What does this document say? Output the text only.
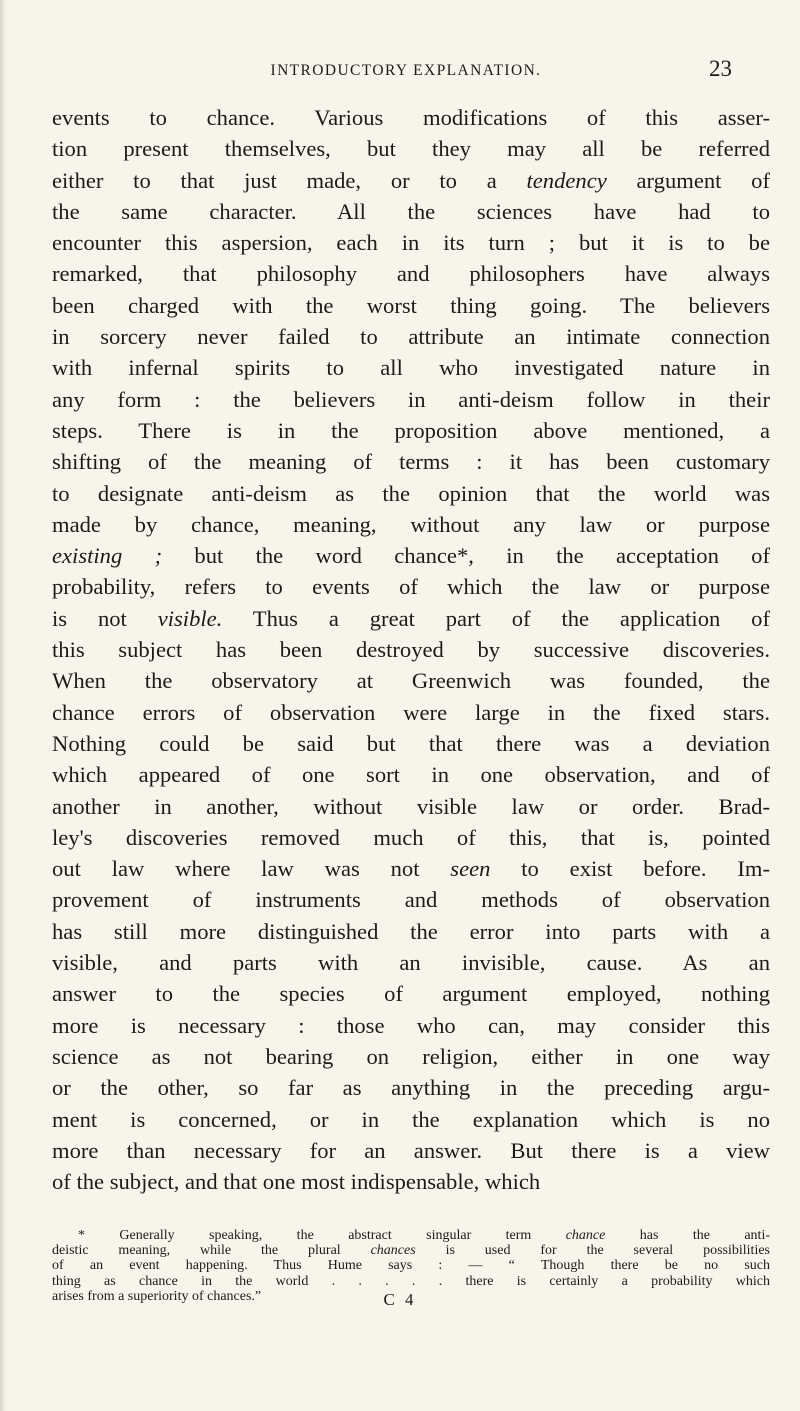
INTRODUCTORY EXPLANATION.	23
events to chance. Various modifications of this asser-
tion present themselves, but they may all be referred
either to that just made, or to a tendency argument of
the same character. All the sciences have had to
encounter this aspersion, each in its turn ; but it is to be
remarked, that philosophy and philosophers have always
been charged with the worst thing going. The believers
in sorcery never failed to attribute an intimate connection
with infernal spirits to all who investigated nature in
any form : the believers in anti-deism follow in their
steps. There is in the proposition above mentioned, a
shifting of the meaning of terms : it has been customary
to designate anti-deism as the opinion that the world was
made by chance, meaning, without any law or purpose
existing ; but the word chance*, in the acceptation of
probability, refers to events of which the law or purpose
is not visible. Thus a great part of the application of
this subject has been destroyed by successive discoveries.
When the observatory at Greenwich was founded, the
chance errors of observation were large in the fixed stars.
Nothing could be said but that there was a deviation
which appeared of one sort in one observation, and of
another in another, without visible law or order. Brad-
ley's discoveries removed much of this, that is, pointed
out law where law was not seen to exist before. Im-
provement of instruments and methods of observation
has still more distinguished the error into parts with a
visible, and parts with an invisible, cause. As an
answer to the species of argument employed, nothing
more is necessary : those who can, may consider this
science as not bearing on religion, either in one way
or the other, so far as anything in the preceding argu-
ment is concerned, or in the explanation which is no
more than necessary for an answer. But there is a view
of the subject, and that one most indispensable, which
* Generally speaking, the abstract singular term chance has the anti-
deistic meaning, while the plural chances is used for the several possibilities
of an event happening. Thus Hume says : — “ Though there be no such
thing as chance in the world . . . . . there is certainly a probability which
arises from a superiority of chances.”	C 4
